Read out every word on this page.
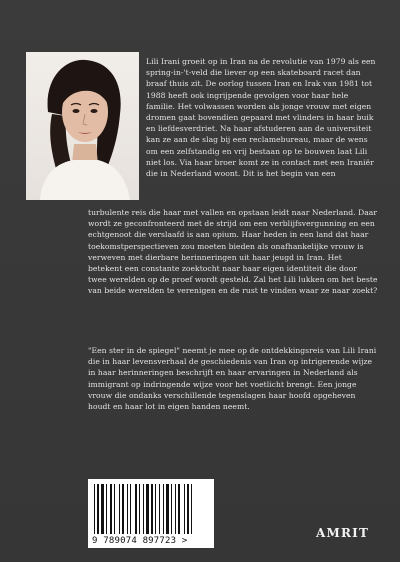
Lili Irani groeit op in Iran na de revolutie van 1979 als een spring-in-'t-veld die liever op een skateboard racet dan braaf thuis zit. De oorlog tussen Iran en Irak van 1981 tot 1988 heeft ook ingrijpende gevolgen voor haar hele familie. Het volwassen worden als jonge vrouw met eigen dromen gaat bovendien gepaard met vlinders in haar buik en liefdesverdriet. Na haar afstuderen aan de universiteit kan ze aan de slag bij een reclamebureau, maar de wens om een zelfstandig en vrij bestaan op te bouwen laat Lili niet los. Via haar broer komt ze in contact met een Iraniër die in Nederland woont. Dit is het begin van een

turbulente reis die haar met vallen en opstaan leidt naar Nederland. Daar wordt ze geconfronteerd met de strijd om een verblijfsvergunning en een echtgenoot die verslaafd is aan opium. Haar heden in een land dat haar toekomstperspectieven zou moeten bieden als onafhankelijke vrouw is verweven met dierbare herinneringen uit haar jeugd in Iran. Het betekent een constante zoektocht naar haar eigen identiteit die door twee werelden op de proef wordt gesteld. Zal het Lili lukken om het beste van beide werelden te verenigen en de rust te vinden waar ze naar zoekt?

"Een ster in de spiegel" neemt je mee op de ontdekkingsreis van Lili Irani die in haar levensverhaal de geschiedenis van Iran op intrigerende wijze in haar herinneringen beschrijft en haar ervaringen in Nederland als immigrant op indringende wijze voor het voetlicht brengt. Een jonge vrouw die ondanks verschillende tegenslagen haar hoofd opgeheven houdt en haar lot in eigen handen neemt.

9 789074 897723 >
AMRIT
